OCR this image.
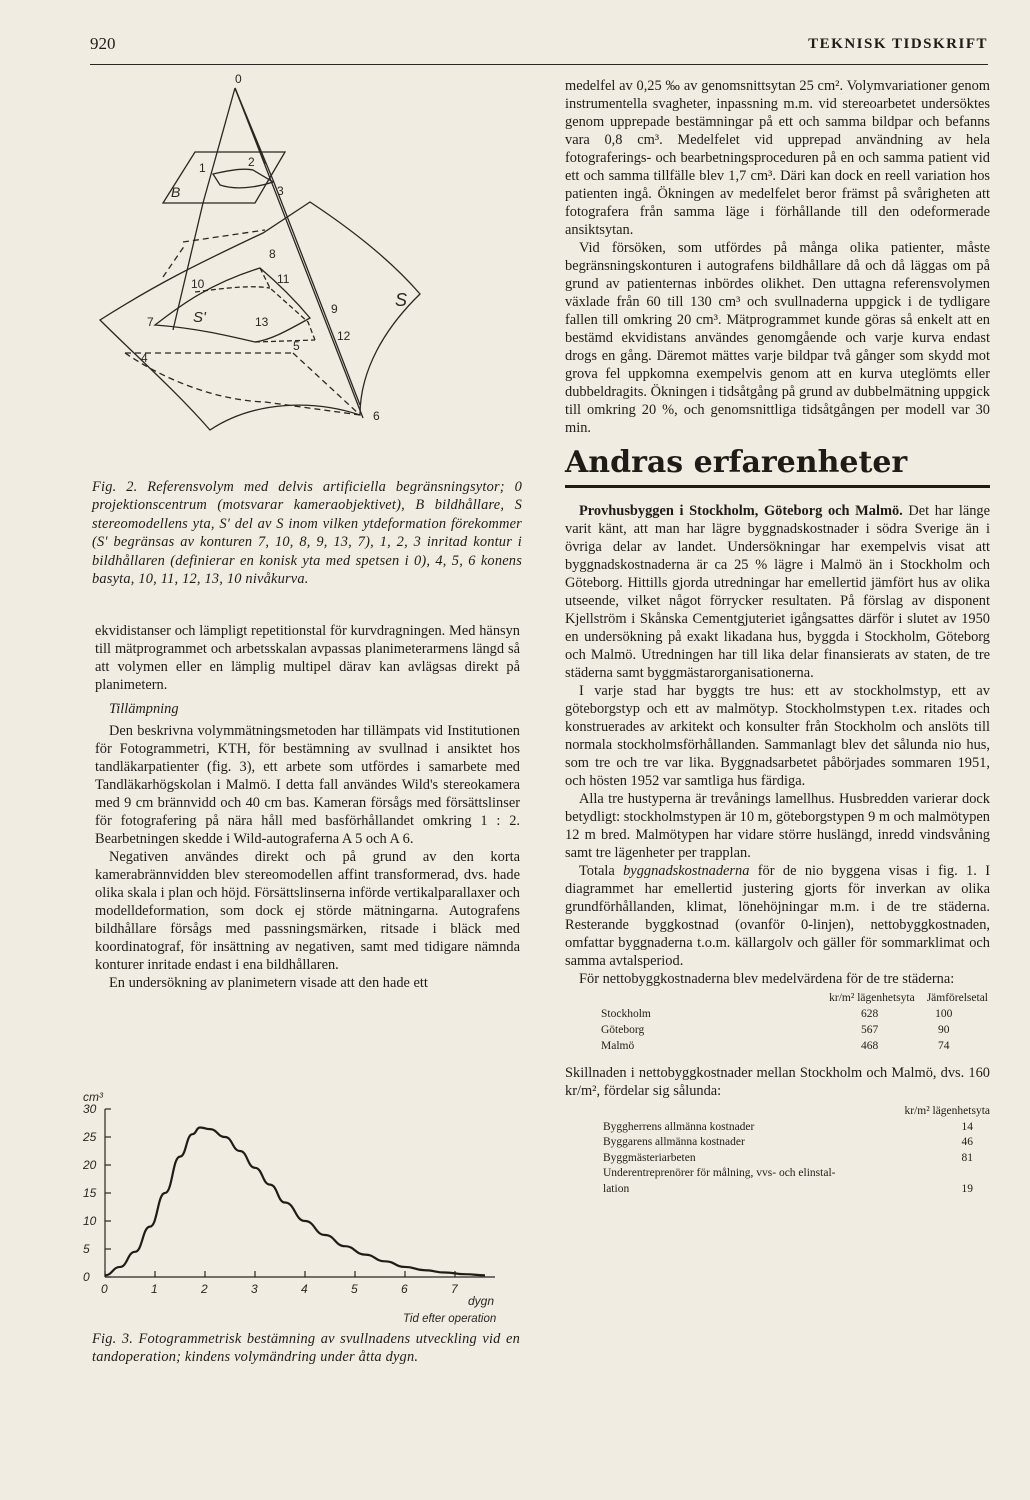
920	TEKNISK TIDSKRIFT
0
B
S
S'
1	2
3
4
5
6
7
8
9
10	11
12
13
Fig. 2. Referensvolym med delvis artificiella begränsningsytor; 0 projektionscentrum (motsvarar kameraobjektivet), B bildhållare, S stereomodellens yta, S' del av S inom vilken ytdeformation förekommer (S' begränsas av konturen 7, 10, 8, 9, 13, 7), 1, 2, 3 inritad kontur i bildhållaren (definierar en konisk yta med spetsen i 0), 4, 5, 6 konens basyta, 10, 11, 12, 13, 10 nivåkurva.

ekvidistanser och lämpligt repetitionstal för kurvdragningen. Med hänsyn till mätprogrammet och arbetsskalan avpassas planimeterarmens längd så att volymen eller en lämplig multipel därav kan avlägsas direkt på planimetern.

Tillämpning

Den beskrivna volymmätningsmetoden har tillämpats vid Institutionen för Fotogrammetri, KTH, för bestämning av svullnad i ansiktet hos tandläkarpatienter (fig. 3), ett arbete som utfördes i samarbete med Tandläkarhögskolan i Malmö. I detta fall användes Wild's stereokamera med 9 cm brännvidd och 40 cm bas. Kameran försågs med försättslinser för fotografering på nära håll med basförhållandet omkring 1 : 2. Bearbetningen skedde i Wild-autograferna A 5 och A 6.

Negativen användes direkt och på grund av den korta kamerabrännvidden blev stereomodellen affint transformerad, dvs. hade olika skala i plan och höjd. Försättslinserna införde vertikalparallaxer och modelldeformation, som dock ej störde mätningarna. Autografens bildhållare försågs med passningsmärken, ritsade i bläck med koordinatograf, för insättning av negativen, samt med tidigare nämnda konturer inritade endast i ena bildhållaren.

En undersökning av planimetern visade att den hade ett

0
5
10
15
20
25
30
0	1	2	3	4	5	6	7
cm³
dygn
Tid efter operation
Fig. 3. Fotogrammetrisk bestämning av svullnadens utveckling vid en tandoperation; kindens volymändring under åtta dygn.

medelfel av 0,25 ‰ av genomsnittsytan 25 cm². Volymvariationer genom instrumentella svagheter, inpassning m.m. vid stereoarbetet undersöktes genom upprepade bestämningar på ett och samma bildpar och befanns vara 0,8 cm³. Medelfelet vid upprepad användning av hela fotograferings- och bearbetningsproceduren på en och samma patient vid ett och samma tillfälle blev 1,7 cm³. Däri kan dock en reell variation hos patienten ingå. Ökningen av medelfelet beror främst på svårigheten att fotografera från samma läge i förhållande till den odeformerade ansiktsytan.

Vid försöken, som utfördes på många olika patienter, måste begränsningskonturen i autografens bildhållare då och då läggas om på grund av patienternas inbördes olikhet. Den uttagna referensvolymen växlade från 60 till 130 cm³ och svullnaderna uppgick i de tydligare fallen till omkring 20 cm³. Mätprogrammet kunde göras så enkelt att en bestämd ekvidistans användes genomgående och varje kurva endast drogs en gång. Däremot mättes varje bildpar två gånger som skydd mot grova fel uppkomna exempelvis genom att en kurva uteglömts eller dubbeldragits. Ökningen i tidsåtgång på grund av dubbelmätning uppgick till omkring 20 %, och genomsnittliga tidsåtgången per modell var 30 min.

Andras erfarenheter

Provhusbyggen i Stockholm, Göteborg och Malmö. Det har länge varit känt, att man har lägre byggnadskostnader i södra Sverige än i övriga delar av landet. Undersökningar har exempelvis visat att byggnadskostnaderna är ca 25 % lägre i Malmö än i Stockholm och Göteborg. Hittills gjorda utredningar har emellertid jämfört hus av olika utseende, vilket något förrycker resultaten. På förslag av disponent Kjellström i Skånska Cementgjuteriet igångsattes därför i slutet av 1950 en undersökning på exakt likadana hus, byggda i Stockholm, Göteborg och Malmö. Utredningen har till lika delar finansierats av staten, de tre städerna samt byggmästarorganisationerna.

I varje stad har byggts tre hus: ett av stockholmstyp, ett av göteborgstyp och ett av malmötyp. Stockholmstypen t.ex. ritades och konstruerades av arkitekt och konsulter från Stockholm och anslöts till normala stockholmsförhållanden. Sammanlagt blev det sålunda nio hus, som tre och tre var lika. Byggnadsarbetet påbörjades sommaren 1951, och hösten 1952 var samtliga hus färdiga.

Alla tre hustyperna är trevånings lamellhus. Husbredden varierar dock betydligt: stockholmstypen är 10 m, göteborgstypen 9 m och malmötypen 12 m bred. Malmötypen har vidare större huslängd, inredd vindsvåning samt tre lägenheter per trapplan.

Totala byggnadskostnaderna för de nio byggena visas i fig. 1. I diagrammet har emellertid justering gjorts för inverkan av olika grundförhållanden, klimat, lönehöjningar m.m. i de tre städerna. Resterande byggkostnad (ovanför 0-linjen), nettobyggkostnaden, omfattar byggnaderna t.o.m. källargolv och gäller för sommarklimat och samma avtalsperiod.

För nettobyggkostnaderna blev medelvärdena för de tre städerna:

kr/m² lägenhetsyta Jämförelsetal
Stockholm	628	100
Göteborg	567	90
Malmö	468	74

Skillnaden i nettobyggkostnader mellan Stockholm och Malmö, dvs. 160 kr/m², fördelar sig sålunda:

kr/m² lägenhetsyta
Byggherrens allmänna kostnader	14
Byggarens allmänna kostnader	46
Byggmästeriarbeten	81
Underentreprenörer för målning, vvs- och elinstal-
lation	19
